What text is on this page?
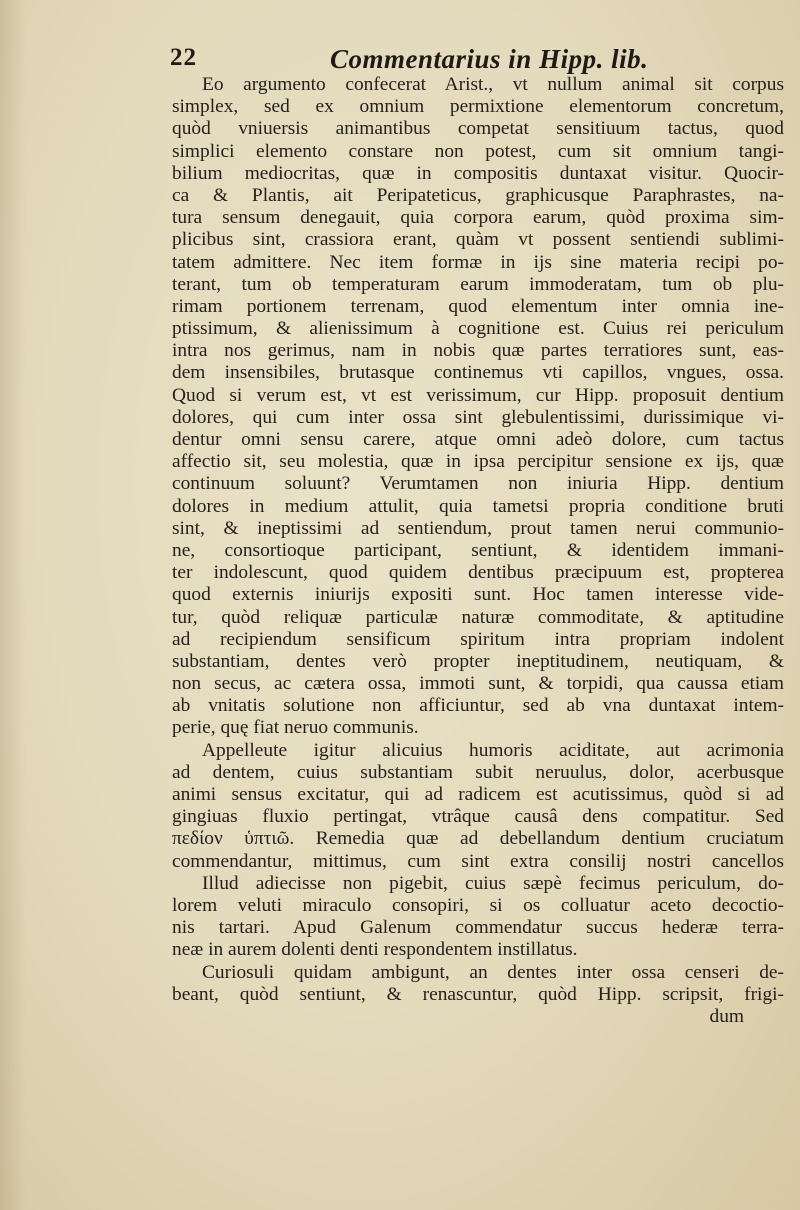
22	Commentarius in Hipp. lib.
Eo argumento confecerat Arist., vt nullum animal sit corpus
simplex, sed ex omnium permixtione elementorum concretum,
quòd vniuersis animantibus competat sensitiuum tactus, quod
simplici elemento constare non potest, cum sit omnium tangi-
bilium mediocritas, quæ in compositis duntaxat visitur. Quocir-
ca & Plantis, ait Peripateticus, graphicusque Paraphrastes, na-
tura sensum denegauit, quia corpora earum, quòd proxima sim-
plicibus sint, crassiora erant, quàm vt possent sentiendi sublimi-
tatem admittere. Nec item formæ in ijs sine materia recipi po-
terant, tum ob temperaturam earum immoderatam, tum ob plu-
rimam portionem terrenam, quod elementum inter omnia ine-
ptissimum, & alienissimum à cognitione est. Cuius rei periculum
intra nos gerimus, nam in nobis quæ partes terratiores sunt, eas-
dem insensibiles, brutasque continemus vti capillos, vngues, ossa.
Quod si verum est, vt est verissimum, cur Hipp. proposuit dentium
dolores, qui cum inter ossa sint glebulentissimi, durissimique vi-
dentur omni sensu carere, atque omni adeò dolore, cum tactus
affectio sit, seu molestia, quæ in ipsa percipitur sensione ex ijs, quæ
continuum soluunt? Verumtamen non iniuria Hipp. dentium
dolores in medium attulit, quia tametsi propria conditione bruti
sint, & ineptissimi ad sentiendum, prout tamen nerui communio-
ne, consortioque participant, sentiunt, & identidem immani-
ter indolescunt, quod quidem dentibus præcipuum est, propterea
quod externis iniurijs expositi sunt. Hoc tamen interesse vide-
tur, quòd reliquæ particulæ naturæ commoditate, & aptitudine
ad recipiendum sensificum spiritum intra propriam indolent
substantiam, dentes verò propter ineptitudinem, neutiquam, &
non secus, ac cætera ossa, immoti sunt, & torpidi, qua caussa etiam
ab vnitatis solutione non afficiuntur, sed ab vna duntaxat intem-
perie, quę fiat neruo communis.
Appelleute igitur alicuius humoris aciditate, aut acrimonia
ad dentem, cuius substantiam subit neruulus, dolor, acerbusque
animi sensus excitatur, qui ad radicem est acutissimus, quòd si ad
gingiuas fluxio pertingat, vtrâque causâ dens compatitur. Sed
πεδίον ὑπτιῶ. Remedia quæ ad debellandum dentium cruciatum
commendantur, mittimus, cum sint extra consilij nostri cancellos
Illud adiecisse non pigebit, cuius sæpè fecimus periculum, do-
lorem veluti miraculo consopiri, si os colluatur aceto decoctio-
nis tartari. Apud Galenum commendatur succus hederæ terra-
neæ in aurem dolenti denti respondentem instillatus.
Curiosuli quidam ambigunt, an dentes inter ossa censeri de-
beant, quòd sentiunt, & renascuntur, quòd Hipp. scripsit, frigi-
dum
